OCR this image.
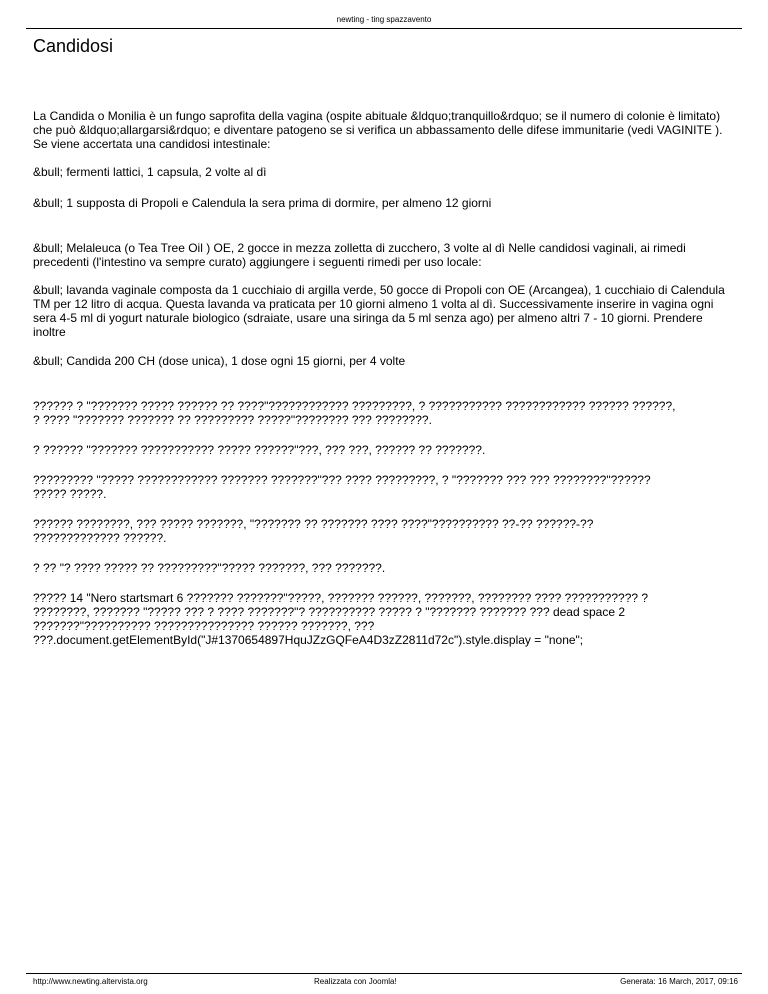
newting - ting spazzavento
Candidosi

La Candida o Monilia è un fungo saprofita della vagina (ospite abituale &ldquo;tranquillo&rdquo; se il numero di colonie è limitato) che può &ldquo;allargarsi&rdquo; e diventare patogeno se si verifica un abbassamento delle difese immunitarie (vedi VAGINITE ). Se viene accertata una candidosi intestinale:

&bull; fermenti lattici, 1 capsula, 2 volte al dì

&bull; 1 supposta di Propoli e Calendula la sera prima di dormire, per almeno 12 giorni

&bull; Melaleuca (o Tea Tree Oil ) OE, 2 gocce in mezza zolletta di zucchero, 3 volte al dì Nelle candidosi vaginali, ai rimedi precedenti (l'intestino va sempre curato) aggiungere i seguenti rimedi per uso locale:

&bull; lavanda vaginale composta da 1 cucchiaio di argilla verde, 50 gocce di Propoli con OE (Arcangea), 1 cucchiaio di Calendula TM per 12 litro di acqua. Questa lavanda va praticata per 10 giorni almeno 1 volta al dì. Successivamente inserire in vagina ogni sera 4-5 ml di yogurt naturale biologico (sdraiate, usare una siringa da 5 ml senza ago) per almeno altri 7 - 10 giorni. Prendere inoltre

&bull; Candida 200 CH (dose unica), 1 dose ogni 15 giorni, per 4 volte

?????? ? "??????? ????? ?????? ?? ????"???????????? ?????????, ? ??????????? ???????????? ?????? ??????,
? ???? "??????? ??????? ?? ????????? ?????"???????? ??? ????????.

? ?????? "??????? ??????????? ????? ??????"???, ??? ???, ?????? ?? ???????.

????????? "????? ???????????? ??????? ???????"??? ???? ?????????, ? "??????? ??? ??? ????????"??????
????? ?????.

?????? ????????, ??? ????? ???????, "??????? ?? ??????? ???? ????"?????????? ??-?? ??????-??
????????????? ??????.

? ?? "? ???? ????? ?? ?????????"????? ???????, ??? ???????.

????? 14 "Nero startsmart 6 ??????? ???????"?????, ??????? ??????, ???????, ???????? ???? ??????????? ?
????????, ??????? "????? ??? ? ???? ???????"? ?????????? ????? ? "??????? ??????? ??? dead space 2
???????"?????????? ??????????????? ?????? ???????, ???
???.document.getElementById("J#1370654897HquJZzGQFeA4D3zZ2811d72c").style.display = "none";

http://www.newting.altervista.org	Realizzata con Joomla!	Generata: 16 March, 2017, 09:16
